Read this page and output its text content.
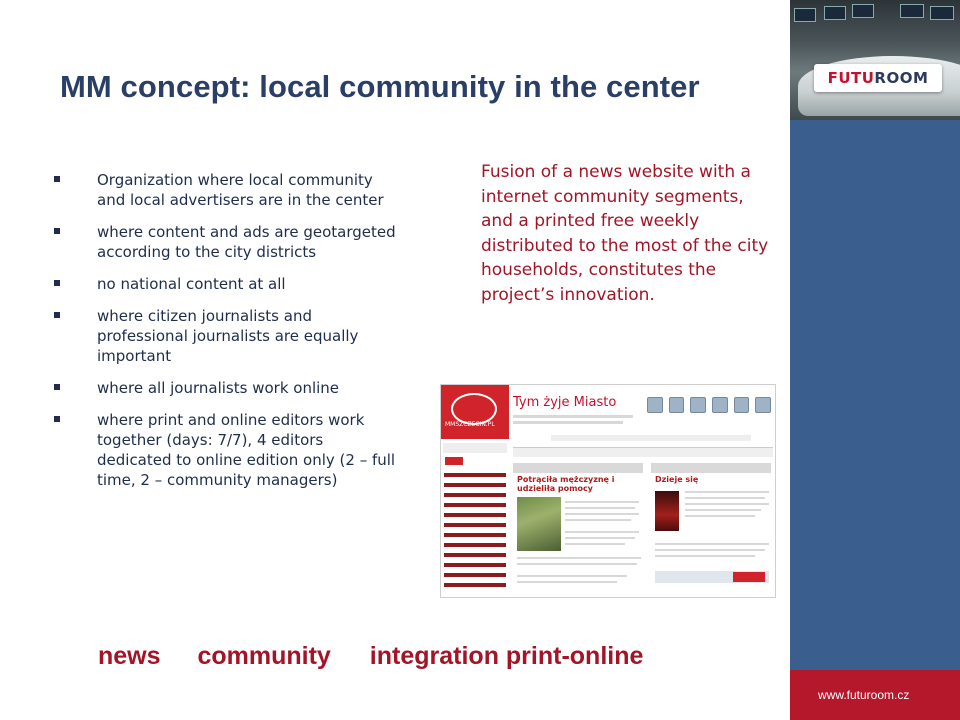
FUTU ROOM
www.futuroom.cz
MM concept: local community in the center
Organization where local community and local advertisers are in the center
where content and ads are geotargeted according to the city districts
no national content at all
where citizen journalists and professional journalists are equally important
where all journalists work online
where print and online editors work together (days: 7/7), 4 editors dedicated to online edition only (2 – full time, 2 – community managers)
Fusion of a news website with a internet community segments, and a printed free weekly distributed to the most of the city households, constitutes the project’s innovation.
MMSZCZECIN.PL
Tym żyje Miasto
Potrąciła mężczyznę i udzieliła pomocy
Dzieje się
news community integration print-online
